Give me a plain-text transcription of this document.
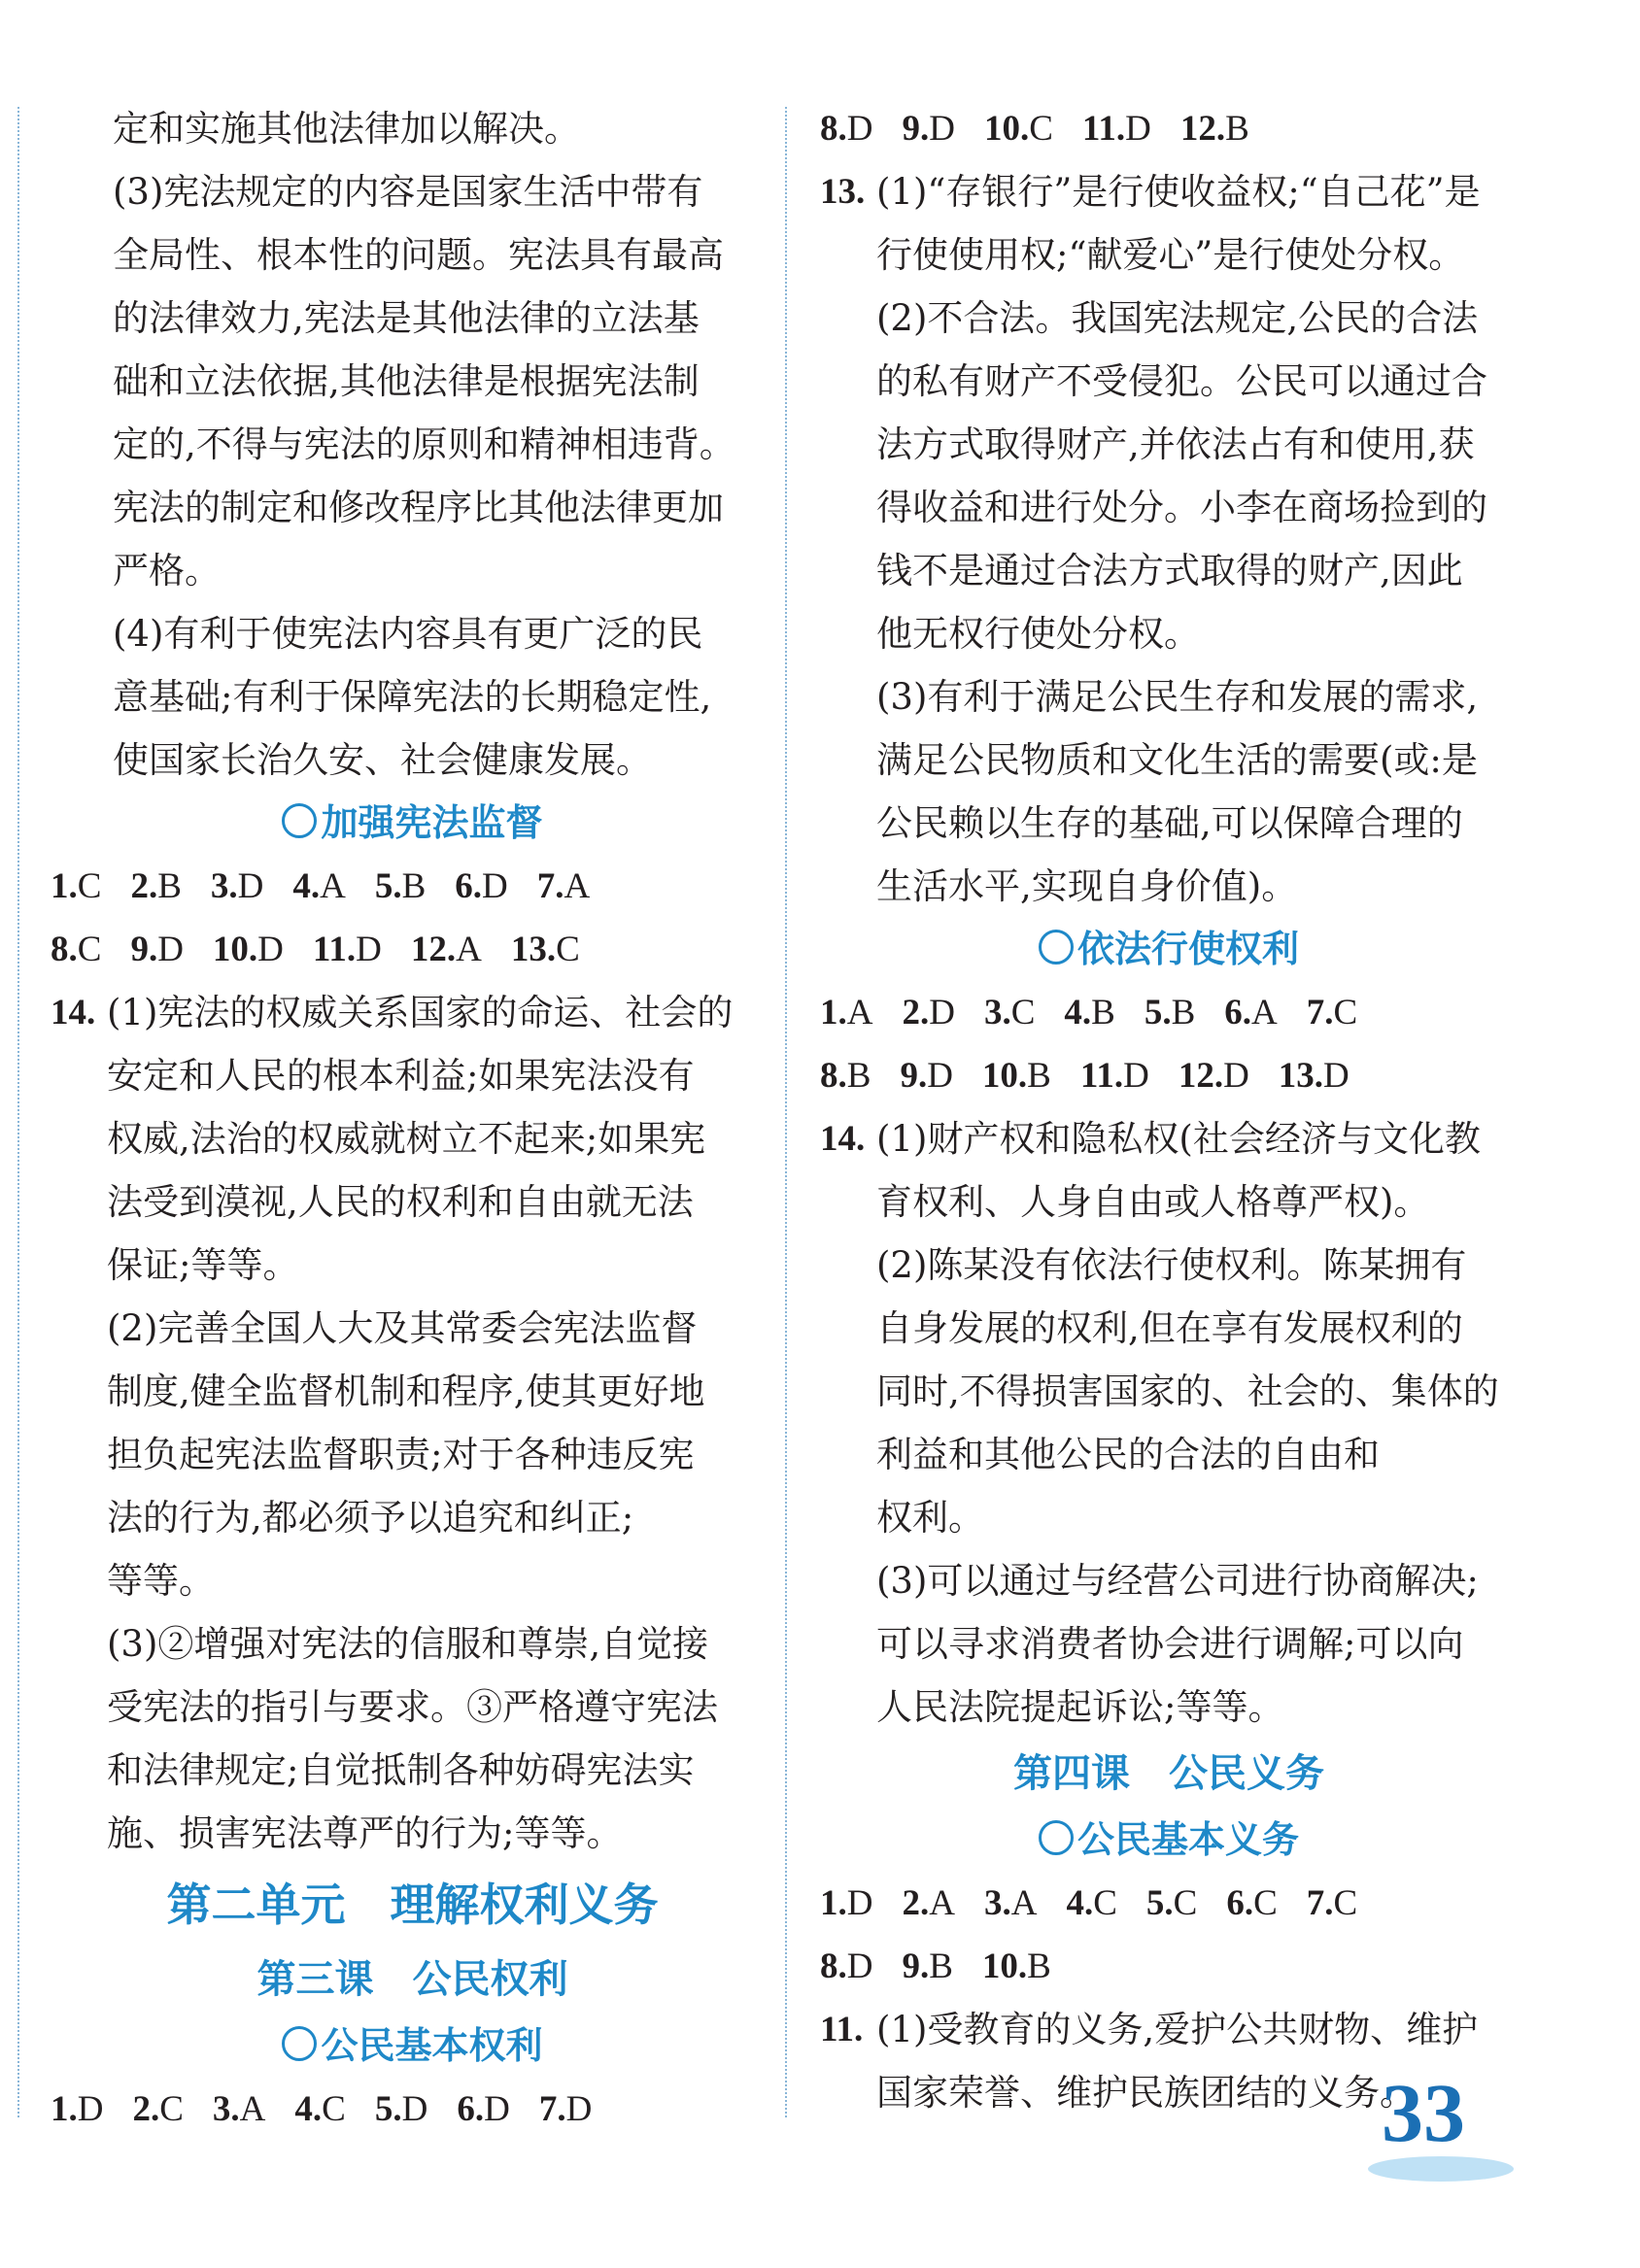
定和实施其他法律加以解决。
(3)宪法规定的内容是国家生活中带有
全局性、根本性的问题。宪法具有最高
的法律效力,宪法是其他法律的立法基
础和立法依据,其他法律是根据宪法制
定的,不得与宪法的原则和精神相违背。
宪法的制定和修改程序比其他法律更加
严格。
(4)有利于使宪法内容具有更广泛的民
意基础;有利于保障宪法的长期稳定性,
使国家长治久安、社会健康发展。
加强宪法监督
1.C 2.B 3.D 4.A 5.B 6.D 7.A
8.C 9.D 10.D 11.D 12.A 13.C
14. (1)宪法的权威关系国家的命运、社会的
安定和人民的根本利益;如果宪法没有
权威,法治的权威就树立不起来;如果宪
法受到漠视,人民的权利和自由就无法
保证;等等。
(2)完善全国人大及其常委会宪法监督
制度,健全监督机制和程序,使其更好地
担负起宪法监督职责;对于各种违反宪
法的行为,都必须予以追究和纠正;
等等。
(3)②增强对宪法的信服和尊崇,自觉接
受宪法的指引与要求。③严格遵守宪法
和法律规定;自觉抵制各种妨碍宪法实
施、损害宪法尊严的行为;等等。
第二单元　理解权利义务
第三课　公民权利
公民基本权利
1.D 2.C 3.A 4.C 5.D 6.D 7.D
8.D 9.D 10.C 11.D 12.B
13. (1)“存银行”是行使收益权;“自己花”是
行使使用权;“献爱心”是行使处分权。
(2)不合法。我国宪法规定,公民的合法
的私有财产不受侵犯。公民可以通过合
法方式取得财产,并依法占有和使用,获
得收益和进行处分。小李在商场捡到的
钱不是通过合法方式取得的财产,因此
他无权行使处分权。
(3)有利于满足公民生存和发展的需求,
满足公民物质和文化生活的需要(或:是
公民赖以生存的基础,可以保障合理的
生活水平,实现自身价值)。
依法行使权利
1.A 2.D 3.C 4.B 5.B 6.A 7.C
8.B 9.D 10.B 11.D 12.D 13.D
14. (1)财产权和隐私权(社会经济与文化教
育权利、人身自由或人格尊严权)。
(2)陈某没有依法行使权利。陈某拥有
自身发展的权利,但在享有发展权利的
同时,不得损害国家的、社会的、集体的
利益和其他公民的合法的自由和
权利。
(3)可以通过与经营公司进行协商解决;
可以寻求消费者协会进行调解;可以向
人民法院提起诉讼;等等。
第四课　公民义务
公民基本义务
1.D 2.A 3.A 4.C 5.C 6.C 7.C
8.D 9.B 10.B
11. (1)受教育的义务,爱护公共财物、维护
国家荣誉、维护民族团结的义务。
33
